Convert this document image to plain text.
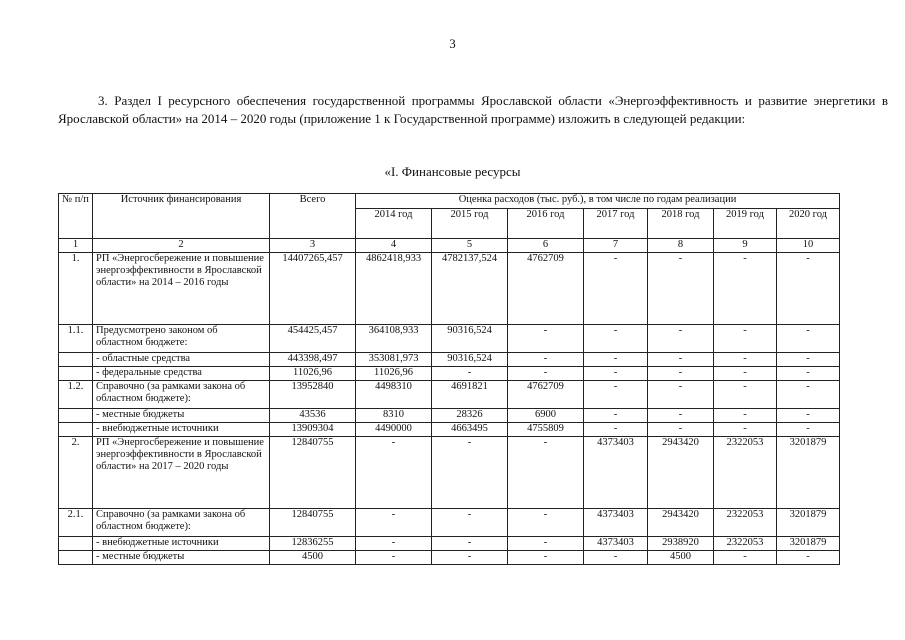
3
3. Раздел I ресурсного обеспечения государственной программы Ярославской области «Энергоэффективность и развитие энергетики в Ярославской области» на 2014 – 2020 годы (приложение 1 к Государственной программе) изложить в следующей редакции:
«I. Финансовые ресурсы
№ п/п	Источник финансирования	Всего	Оценка расходов (тыс. руб.), в том числе по годам реализации						
			2014 год	2015 год	2016 год	2017 год	2018 год	2019 год	2020 год
1	2	3	4	5	6	7	8	9	10
1.	РП «Энергосбережение и повышение энергоэффективности в Ярославской области» на 2014 – 2016 годы	14407265,457	4862418,933	4782137,524	4762709	-	-	-	-
1.1.	Предусмотрено законом об областном бюджете:	454425,457	364108,933	90316,524	-	-	-	-	-
	- областные средства	443398,497	353081,973	90316,524	-	-	-	-	-
	- федеральные средства	11026,96	11026,96	-	-	-	-	-	-
1.2.	Справочно (за рамками закона об областном бюджете):	13952840	4498310	4691821	4762709	-	-	-	-
	- местные бюджеты	43536	8310	28326	6900	-	-	-	-
	- внебюджетные источники	13909304	4490000	4663495	4755809	-	-	-	-
2.	РП «Энергосбережение и повышение энергоэффективности в Ярославской области» на 2017 – 2020 годы	12840755	-	-	-	4373403	2943420	2322053	3201879
2.1.	Справочно (за рамками закона об областном бюджете):	12840755	-	-	-	4373403	2943420	2322053	3201879
	- внебюджетные источники	12836255	-	-	-	4373403	2938920	2322053	3201879
	- местные бюджеты	4500	-	-	-	-	4500	-	-
